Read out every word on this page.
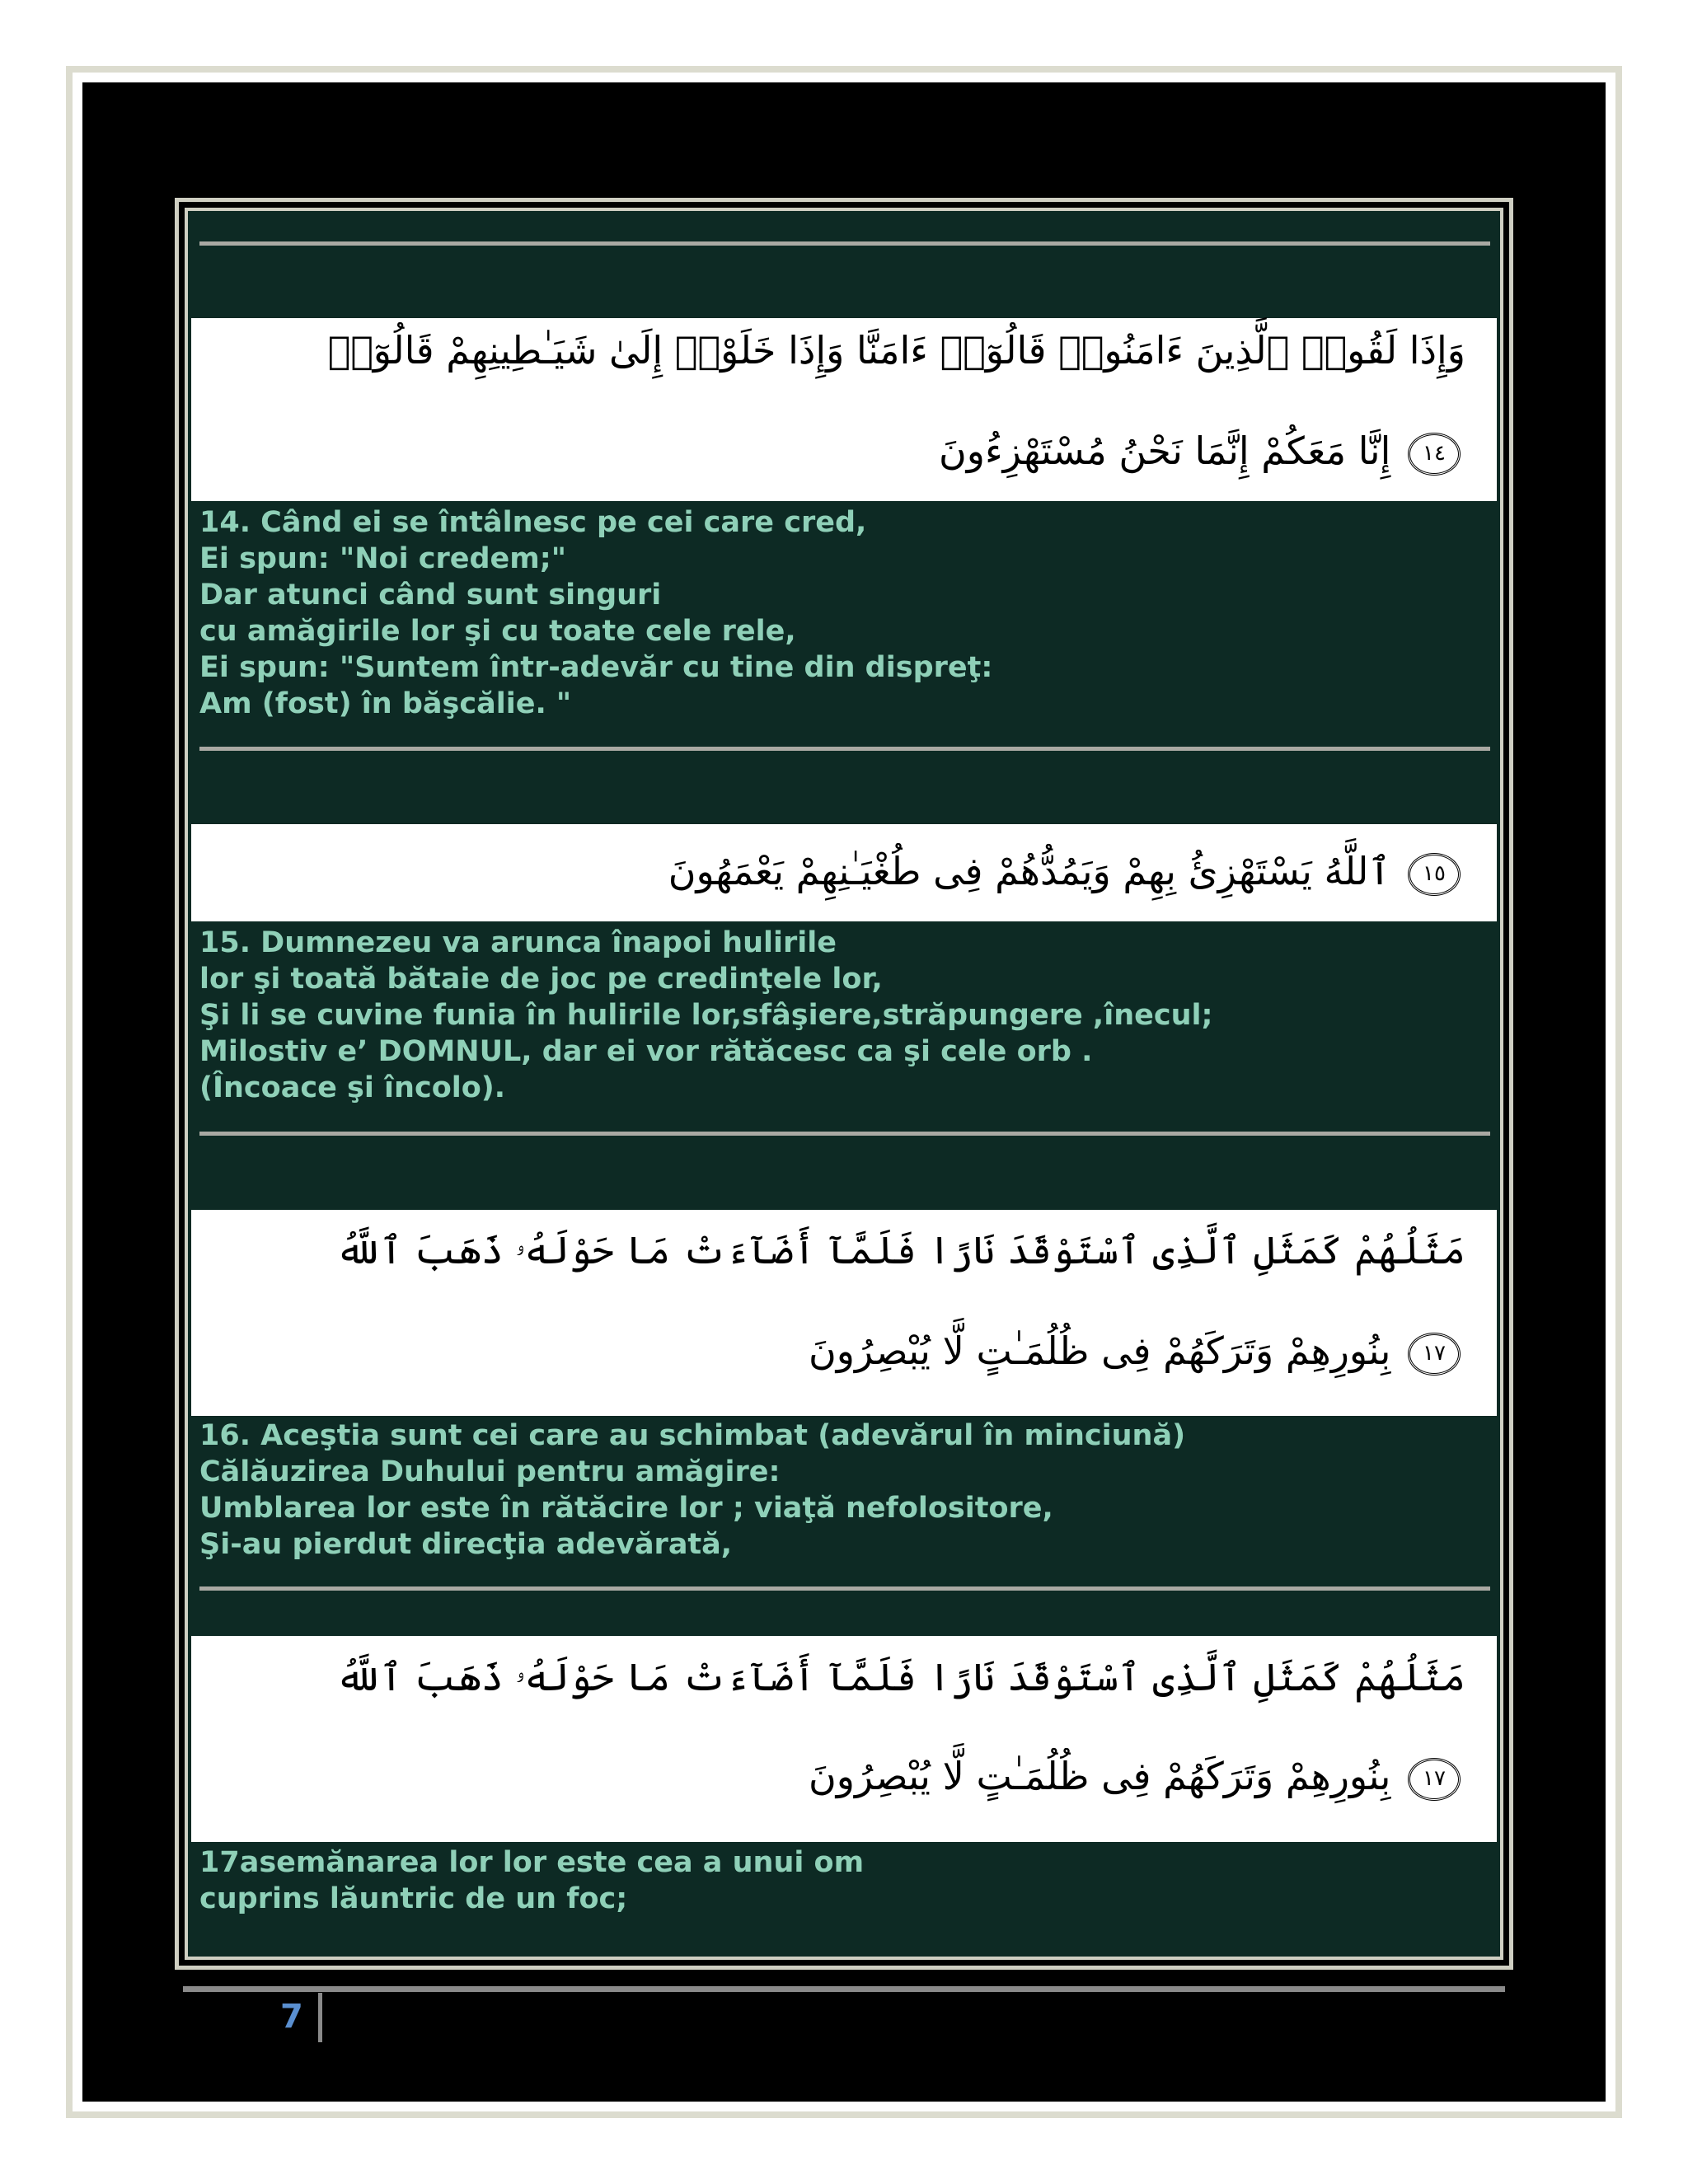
وَإِذَا لَقُوا۟ ٱلَّذِينَ ءَامَنُوا۟ قَالُوٓا۟ ءَامَنَّا وَإِذَا خَلَوْا۟ إِلَىٰ شَيَـٰطِينِهِمْ قَالُوٓا۟
١٤ إِنَّا مَعَكُمْ إِنَّمَا نَحْنُ مُسْتَهْزِءُونَ
14. Când ei se întâlnesc pe cei care cred,
Ei spun: "Noi credem;"
Dar atunci când sunt singuri
cu amăgirile lor şi cu toate cele rele,
Ei spun: "Suntem într-adevăr cu tine din dispreţ:
Am (fost) în băşcălie. "
١٥ ٱللَّهُ يَسْتَهْزِئُ بِهِمْ وَيَمُدُّهُمْ فِى طُغْيَـٰنِهِمْ يَعْمَهُونَ
15. Dumnezeu va arunca înapoi hulirile
lor şi toată bătaie de joc pe credinţele lor,
Şi li se cuvine funia în hulirile lor,sfâşiere,străpungere ,înecul;
Milostiv e’ DOMNUL, dar ei vor rătăcesc ca şi cele orb .
(Încoace şi încolo).
مَثَلُهُمْ كَمَثَلِ ٱلَّذِى ٱسْتَوْقَدَ نَارًا فَلَمَّآ أَضَآءَتْ مَا حَوْلَهُۥ ذَهَبَ ٱللَّهُ
١٧ بِنُورِهِمْ وَتَرَكَهُمْ فِى ظُلُمَـٰتٍ لَّا يُبْصِرُونَ
16. Aceştia sunt cei care au schimbat (adevărul în minciună)
Călăuzirea Duhului pentru amăgire:
Umblarea lor este în rătăcire lor ; viaţă nefolositore,
Şi-au pierdut direcţia adevărată,
مَثَلُهُمْ كَمَثَلِ ٱلَّذِى ٱسْتَوْقَدَ نَارًا فَلَمَّآ أَضَآءَتْ مَا حَوْلَهُۥ ذَهَبَ ٱللَّهُ
١٧ بِنُورِهِمْ وَتَرَكَهُمْ فِى ظُلُمَـٰتٍ لَّا يُبْصِرُونَ
17asemănarea lor lor este cea a unui om
cuprins lăuntric de un foc;
7
